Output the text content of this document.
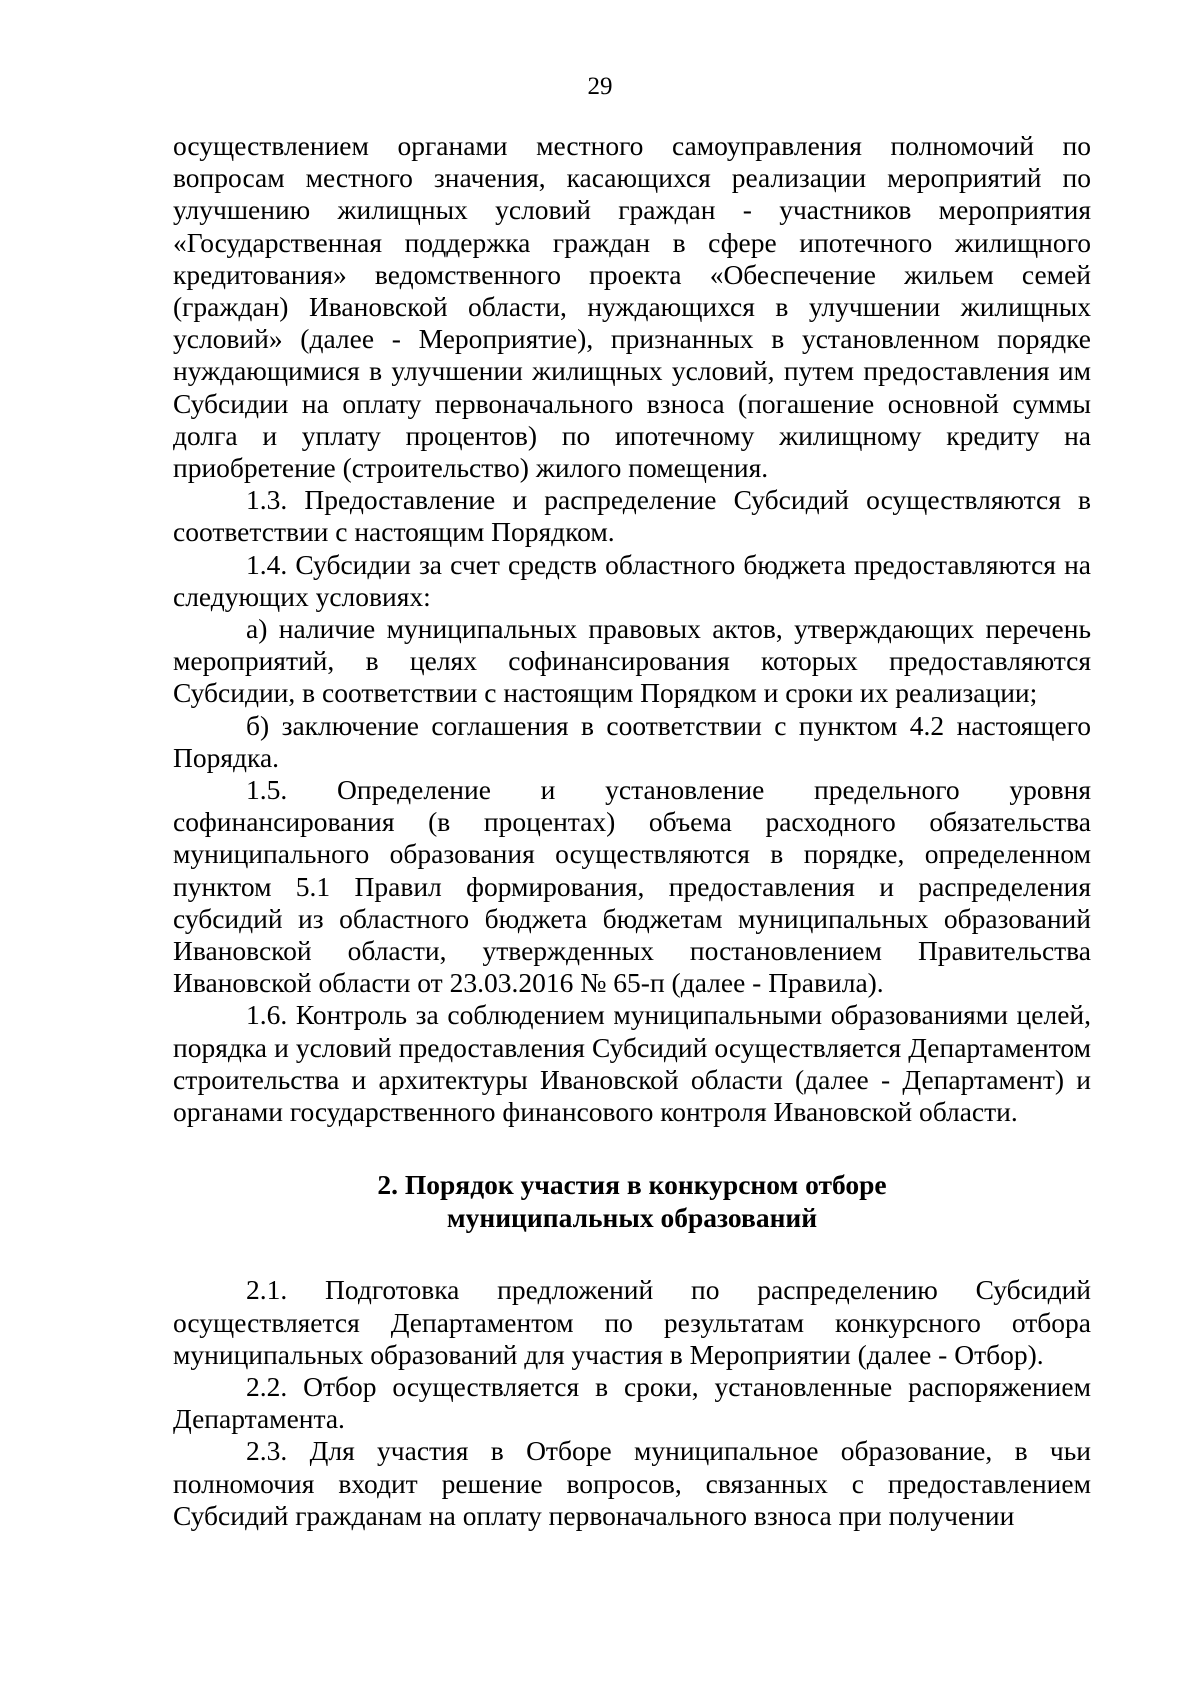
29

осуществлением органами местного самоуправления полномочий по вопросам местного значения, касающихся реализации мероприятий по улучшению жилищных условий граждан - участников мероприятия «Государственная поддержка граждан в сфере ипотечного жилищного кредитования» ведомственного проекта «Обеспечение жильем семей (граждан) Ивановской области, нуждающихся в улучшении жилищных условий» (далее - Мероприятие), признанных в установленном порядке нуждающимися в улучшении жилищных условий, путем предоставления им Субсидии на оплату первоначального взноса (погашение основной суммы долга и уплату процентов) по ипотечному жилищному кредиту на приобретение (строительство) жилого помещения.

1.3. Предоставление и распределение Субсидий осуществляются в соответствии с настоящим Порядком.

1.4. Субсидии за счет средств областного бюджета предоставляются на следующих условиях:

а) наличие муниципальных правовых актов, утверждающих перечень мероприятий, в целях софинансирования которых предоставляются Субсидии, в соответствии с настоящим Порядком и сроки их реализации;

б) заключение соглашения в соответствии с пунктом 4.2 настоящего Порядка.

1.5. Определение и установление предельного уровня софинансирования (в процентах) объема расходного обязательства муниципального образования осуществляются в порядке, определенном пунктом 5.1 Правил формирования, предоставления и распределения субсидий из областного бюджета бюджетам муниципальных образований Ивановской области, утвержденных постановлением Правительства Ивановской области от 23.03.2016 № 65-п (далее - Правила).

1.6. Контроль за соблюдением муниципальными образованиями целей, порядка и условий предоставления Субсидий осуществляется Департаментом строительства и архитектуры Ивановской области (далее - Департамент) и органами государственного финансового контроля Ивановской области.

2. Порядок участия в конкурсном отборе
муниципальных образований

2.1. Подготовка предложений по распределению Субсидий осуществляется Департаментом по результатам конкурсного отбора муниципальных образований для участия в Мероприятии (далее - Отбор).

2.2. Отбор осуществляется в сроки, установленные распоряжением Департамента.

2.3. Для участия в Отборе муниципальное образование, в чьи полномочия входит решение вопросов, связанных с предоставлением Субсидий гражданам на оплату первоначального взноса при получении
